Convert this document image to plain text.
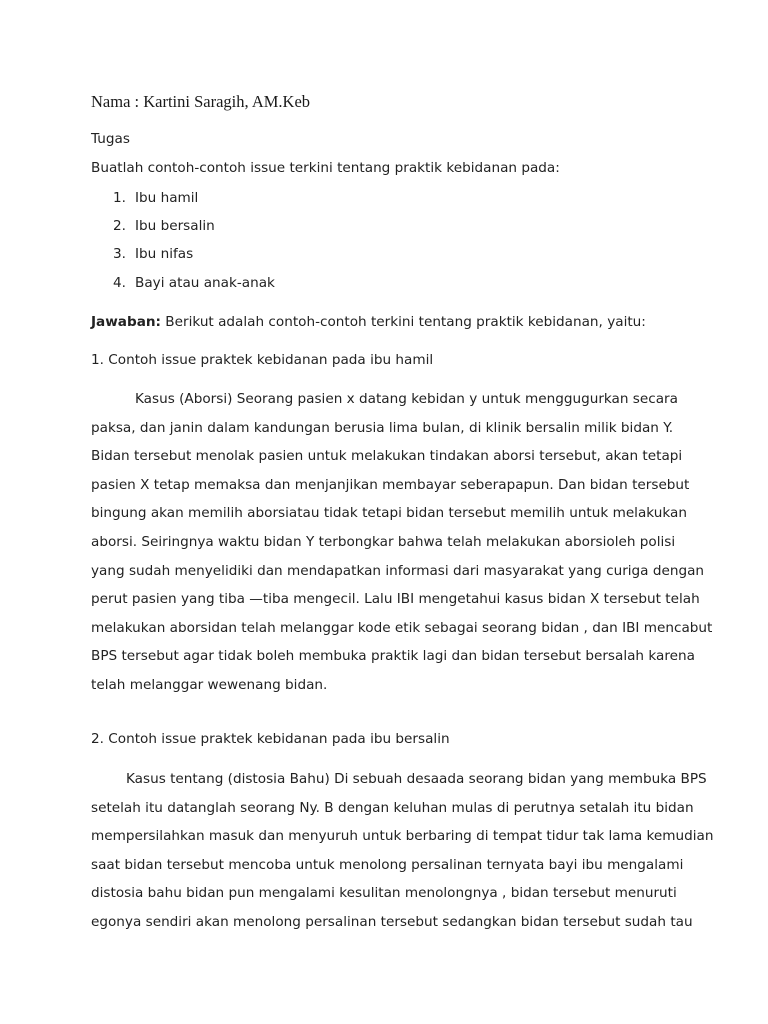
Nama : Kartini Saragih, AM.Keb
Tugas
Buatlah contoh-contoh issue terkini tentang praktik kebidanan pada:
1. Ibu hamil
2. Ibu bersalin
3. Ibu nifas
4. Bayi atau anak-anak
Jawaban: Berikut adalah contoh-contoh terkini tentang praktik kebidanan, yaitu:
1. Contoh issue praktek kebidanan pada ibu hamil
Kasus (Aborsi) Seorang pasien x datang kebidan y untuk menggugurkan secara
paksa, dan janin dalam kandungan berusia lima bulan, di klinik bersalin milik bidan Y.
Bidan tersebut menolak pasien untuk melakukan tindakan aborsi tersebut, akan tetapi
pasien X tetap memaksa dan menjanjikan membayar seberapapun. Dan bidan tersebut
bingung akan memilih aborsiatau tidak tetapi bidan tersebut memilih untuk melakukan
aborsi. Seiringnya waktu bidan Y terbongkar bahwa telah melakukan aborsioleh polisi
yang sudah menyelidiki dan mendapatkan informasi dari masyarakat yang curiga dengan
perut pasien yang tiba —tiba mengecil. Lalu IBI mengetahui kasus bidan X tersebut telah
melakukan aborsidan telah melanggar kode etik sebagai seorang bidan , dan IBI mencabut
BPS tersebut agar tidak boleh membuka praktik lagi dan bidan tersebut bersalah karena
telah melanggar wewenang bidan.
2. Contoh issue praktek kebidanan pada ibu bersalin
Kasus tentang (distosia Bahu) Di sebuah desaada seorang bidan yang membuka BPS
setelah itu datanglah seorang Ny. B dengan keluhan mulas di perutnya setalah itu bidan
mempersilahkan masuk dan menyuruh untuk berbaring di tempat tidur tak lama kemudian
saat bidan tersebut mencoba untuk menolong persalinan ternyata bayi ibu mengalami
distosia bahu bidan pun mengalami kesulitan menolongnya , bidan tersebut menuruti
egonya sendiri akan menolong persalinan tersebut sedangkan bidan tersebut sudah tau
